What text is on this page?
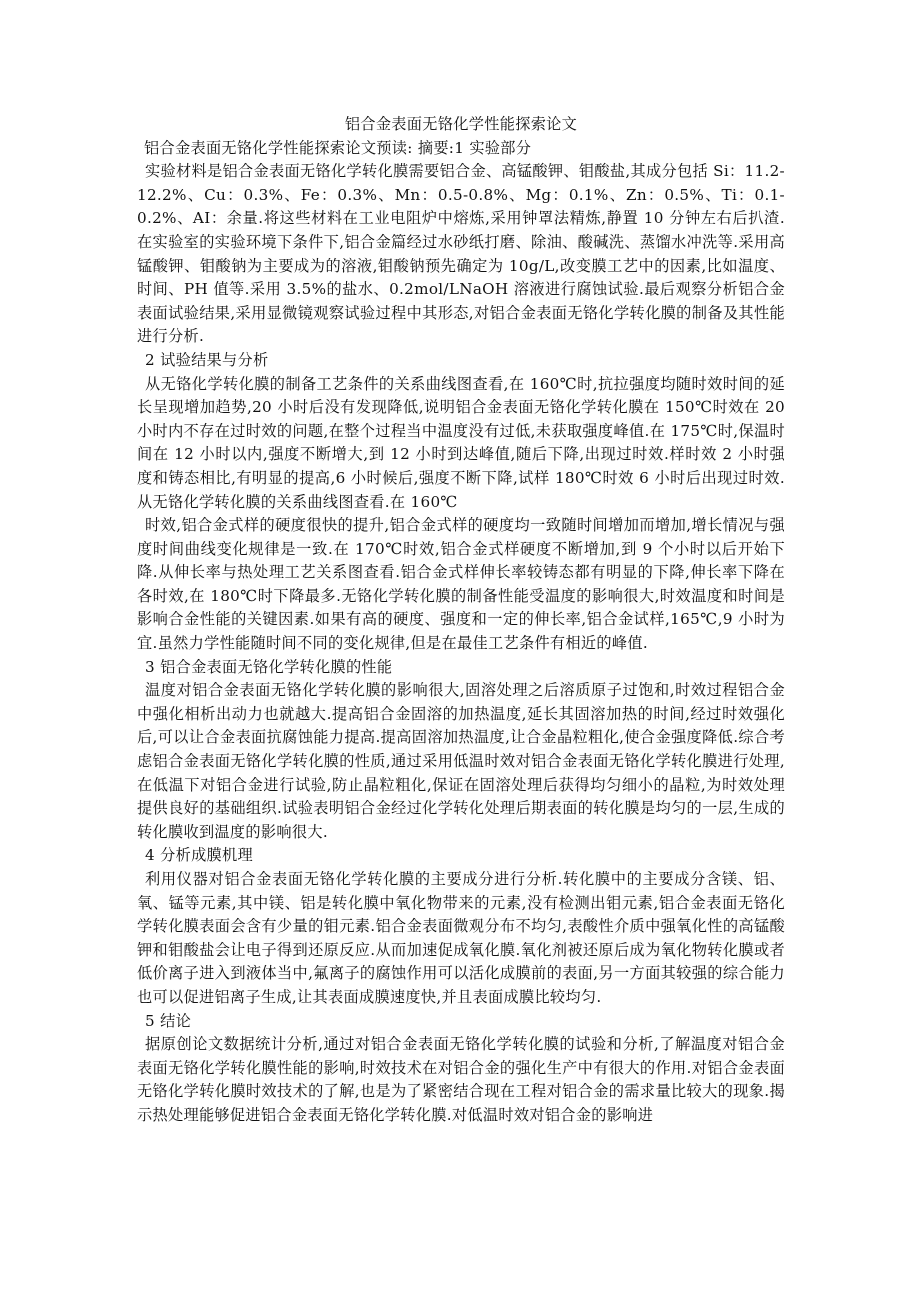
铝合金表面无铬化学性能探索论文

铝合金表面无铬化学性能探索论文预读: 摘要:1 实验部分

实验材料是铝合金表面无铬化学转化膜需要铝合金、高锰酸钾、钼酸盐,其成分包括 Si：11.2-12.2%、Cu：0.3%、Fe：0.3%、Mn：0.5-0.8%、Mg：0.1%、Zn：0.5%、Ti：0.1-0.2%、AI：余量.将这些材料在工业电阻炉中熔炼,采用钟罩法精炼,静置 10 分钟左右后扒渣.在实验室的实验环境下条件下,铝合金篇经过水砂纸打磨、除油、酸碱洗、蒸馏水冲洗等.采用高锰酸钾、钼酸钠为主要成为的溶液,钼酸钠预先确定为 10g/L,改变膜工艺中的因素,比如温度、时间、PH 值等.采用 3.5%的盐水、0.2mol/LNaOH 溶液进行腐蚀试验.最后观察分析铝合金表面试验结果,采用显微镜观察试验过程中其形态,对铝合金表面无铬化学转化膜的制备及其性能进行分析.

2 试验结果与分析

从无铬化学转化膜的制备工艺条件的关系曲线图查看,在 160℃时,抗拉强度均随时效时间的延长呈现增加趋势,20 小时后没有发现降低,说明铝合金表面无铬化学转化膜在 150℃时效在 20 小时内不存在过时效的问题,在整个过程当中温度没有过低,未获取强度峰值.在 175℃时,保温时间在 12 小时以内,强度不断增大,到 12 小时到达峰值,随后下降,出现过时效.样时效 2 小时强度和铸态相比,有明显的提高,6 小时候后,强度不断下降,试样 180℃时效 6 小时后出现过时效.从无铬化学转化膜的关系曲线图查看.在 160℃

时效,铝合金式样的硬度很快的提升,铝合金式样的硬度均一致随时间增加而增加,增长情况与强度时间曲线变化规律是一致.在 170℃时效,铝合金式样硬度不断增加,到 9 个小时以后开始下降.从伸长率与热处理工艺关系图查看.铝合金式样伸长率较铸态都有明显的下降,伸长率下降在各时效,在 180℃时下降最多.无铬化学转化膜的制备性能受温度的影响很大,时效温度和时间是影响合金性能的关键因素.如果有高的硬度、强度和一定的伸长率,铝合金试样,165℃,9 小时为宜.虽然力学性能随时间不同的变化规律,但是在最佳工艺条件有相近的峰值.

3 铝合金表面无铬化学转化膜的性能

温度对铝合金表面无铬化学转化膜的影响很大,固溶处理之后溶质原子过饱和,时效过程铝合金中强化相析出动力也就越大.提高铝合金固溶的加热温度,延长其固溶加热的时间,经过时效强化后,可以让合金表面抗腐蚀能力提高.提高固溶加热温度,让合金晶粒粗化,使合金强度降低.综合考虑铝合金表面无铬化学转化膜的性质,通过采用低温时效对铝合金表面无铬化学转化膜进行处理,在低温下对铝合金进行试验,防止晶粒粗化,保证在固溶处理后获得均匀细小的晶粒,为时效处理提供良好的基础组织.试验表明铝合金经过化学转化处理后期表面的转化膜是均匀的一层,生成的转化膜收到温度的影响很大.

4 分析成膜机理

利用仪器对铝合金表面无铬化学转化膜的主要成分进行分析.转化膜中的主要成分含镁、铝、氧、锰等元素,其中镁、铝是转化膜中氧化物带来的元素,没有检测出钼元素,铝合金表面无铬化学转化膜表面会含有少量的钼元素.铝合金表面微观分布不均匀,表酸性介质中强氧化性的高锰酸钾和钼酸盐会让电子得到还原反应.从而加速促成氧化膜.氧化剂被还原后成为氧化物转化膜或者低价离子进入到液体当中,氟离子的腐蚀作用可以活化成膜前的表面,另一方面其较强的综合能力也可以促进铝离子生成,让其表面成膜速度快,并且表面成膜比较均匀.

5 结论

据原创论文数据统计分析,通过对铝合金表面无铬化学转化膜的试验和分析,了解温度对铝合金表面无铬化学转化膜性能的影响,时效技术在对铝合金的强化生产中有很大的作用.对铝合金表面无铬化学转化膜时效技术的了解,也是为了紧密结合现在工程对铝合金的需求量比较大的现象.揭示热处理能够促进铝合金表面无铬化学转化膜.对低温时效对铝合金的影响进
